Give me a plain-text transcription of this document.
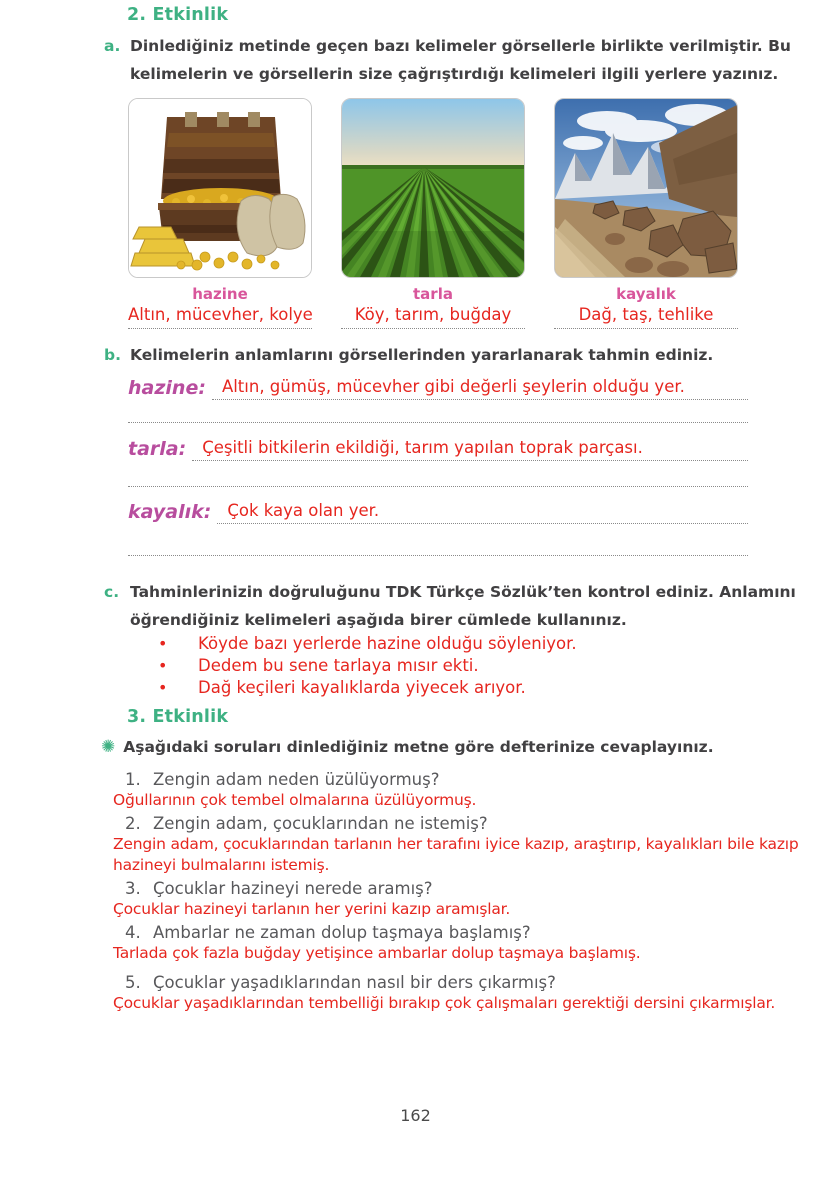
2. Etkinlik
a. Dinlediğiniz metinde geçen bazı kelimeler görsellerle birlikte verilmiştir. Bu kelimelerin ve görsellerin size çağrıştırdığı kelimeleri ilgili yerlere yazınız.

hazine
Altın, mücevher, kolye
tarla
Köy, tarım, buğday
kayalık
Dağ, taş, tehlike
b. Kelimelerin anlamlarını görsellerinden yararlanarak tahmin ediniz.

hazine: Altın, gümüş, mücevher gibi değerli şeylerin olduğu yer.
tarla: Çeşitli bitkilerin ekildiği, tarım yapılan toprak parçası.
kayalık: Çok kaya olan yer.
c. Tahminlerinizin doğruluğunu TDK Türkçe Sözlük’ten kontrol ediniz. Anlamını öğrendiğiniz kelimeleri aşağıda birer cümlede kullanınız.

• Köyde bazı yerlerde hazine olduğu söyleniyor.
• Dedem bu sene tarlaya mısır ekti.
• Dağ keçileri kayalıklarda yiyecek arıyor.
3. Etkinlik
✺ Aşağıdaki soruları dinlediğiniz metne göre defterinize cevaplayınız.

1. Zengin adam neden üzülüyormuş?
Oğullarının çok tembel olmalarına üzülüyormuş.
2. Zengin adam, çocuklarından ne istemiş?
Zengin adam, çocuklarından tarlanın her tarafını iyice kazıp, araştırıp, kayalıkları bile kazıp hazineyi bulmalarını istemiş.
3. Çocuklar hazineyi nerede aramış?
Çocuklar hazineyi tarlanın her yerini kazıp aramışlar.
4. Ambarlar ne zaman dolup taşmaya başlamış?
Tarlada çok fazla buğday yetişince ambarlar dolup taşmaya başlamış.
5. Çocuklar yaşadıklarından nasıl bir ders çıkarmış?
Çocuklar yaşadıklarından tembelliği bırakıp çok çalışmaları gerektiği dersini çıkarmışlar.
162
